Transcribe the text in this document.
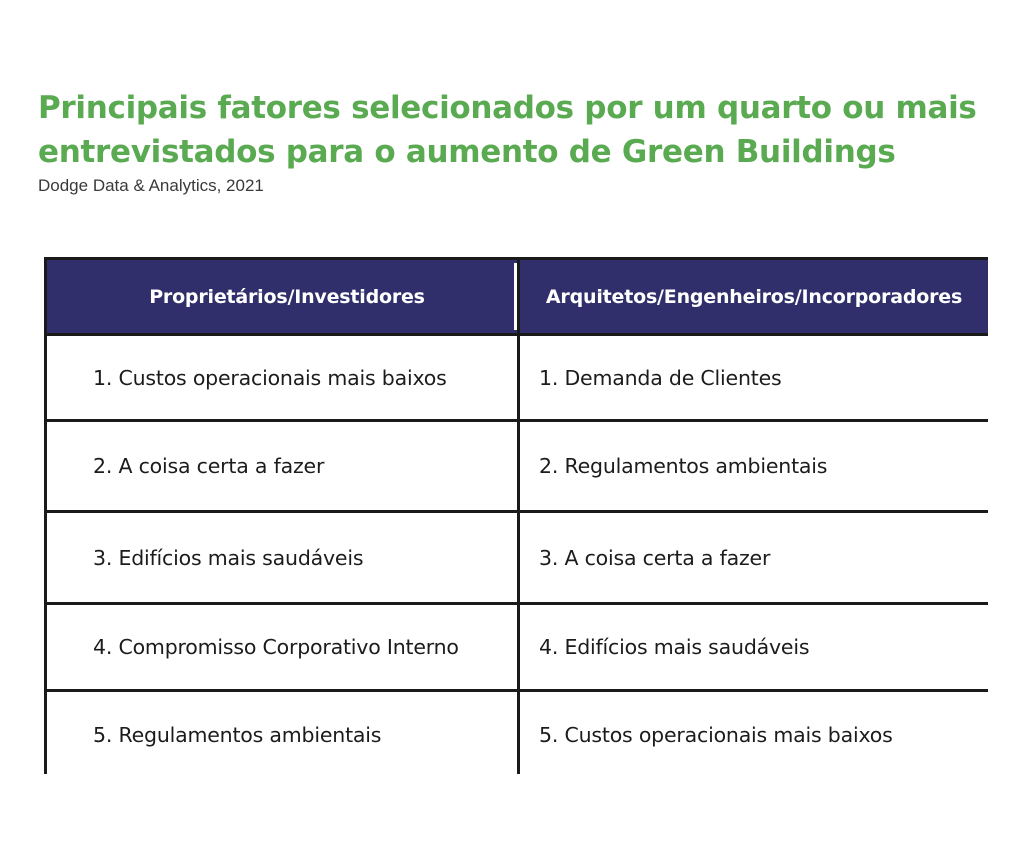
Principais fatores selecionados por um quarto ou mais entrevistados para o aumento de Green Buildings

Dodge Data & Analytics, 2021

Proprietários/Investidores	Arquitetos/Engenheiros/Incorporadores
1. Custos operacionais mais baixos	1. Demanda de Clientes
2. A coisa certa a fazer	2. Regulamentos ambientais
3. Edifícios mais saudáveis	3. A coisa certa a fazer
4. Compromisso Corporativo Interno	4. Edifícios mais saudáveis
5. Regulamentos ambientais	5. Custos operacionais mais baixos
